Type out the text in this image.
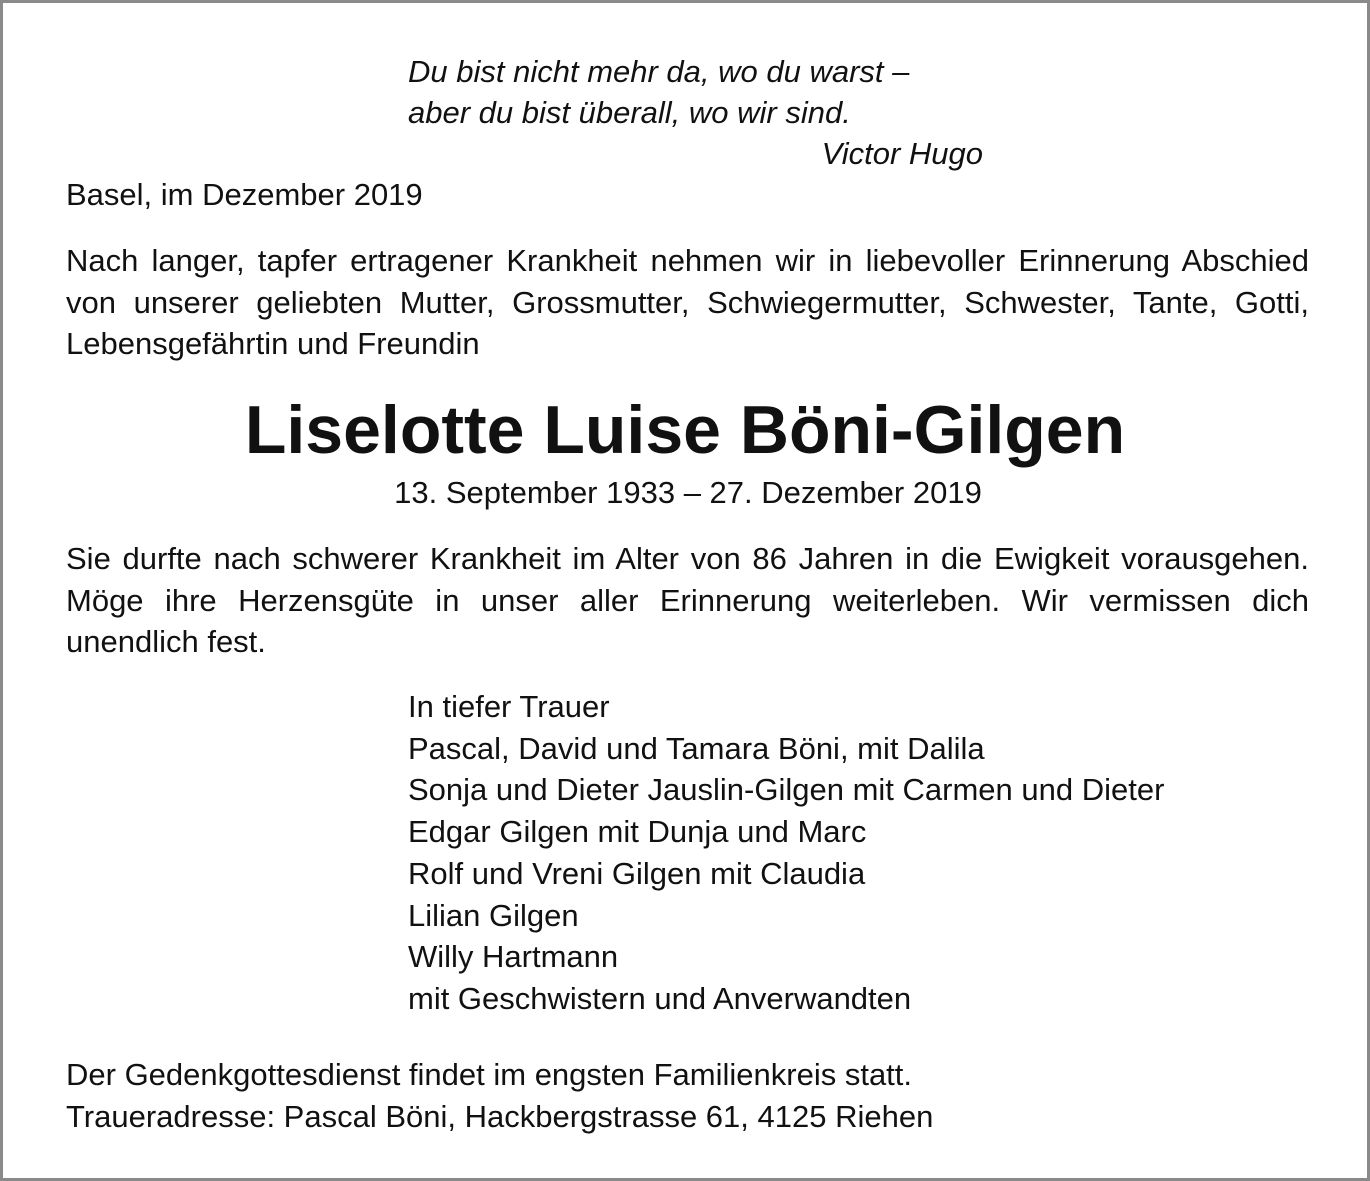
Du bist nicht mehr da, wo du warst –
aber du bist überall, wo wir sind.
Victor Hugo
Basel, im Dezember 2019
Nach langer, tapfer ertragener Krankheit nehmen wir in liebevoller Erinnerung Abschied von unserer geliebten Mutter, Grossmutter, Schwiegermutter, Schwester, Tante, Gotti, Lebensgefährtin und Freundin
Liselotte Luise Böni-Gilgen
13. September 1933 – 27. Dezember 2019
Sie durfte nach schwerer Krankheit im Alter von 86 Jahren in die Ewigkeit vorausgehen. Möge ihre Herzensgüte in unser aller Erinnerung weiterleben. Wir vermissen dich unendlich fest.
In tiefer Trauer
Pascal, David und Tamara Böni, mit Dalila
Sonja und Dieter Jauslin-Gilgen mit Carmen und Dieter
Edgar Gilgen mit Dunja und Marc
Rolf und Vreni Gilgen mit Claudia
Lilian Gilgen
Willy Hartmann
mit Geschwistern und Anverwandten
Der Gedenkgottesdienst findet im engsten Familienkreis statt.
Traueradresse: Pascal Böni, Hackbergstrasse 61, 4125 Riehen
